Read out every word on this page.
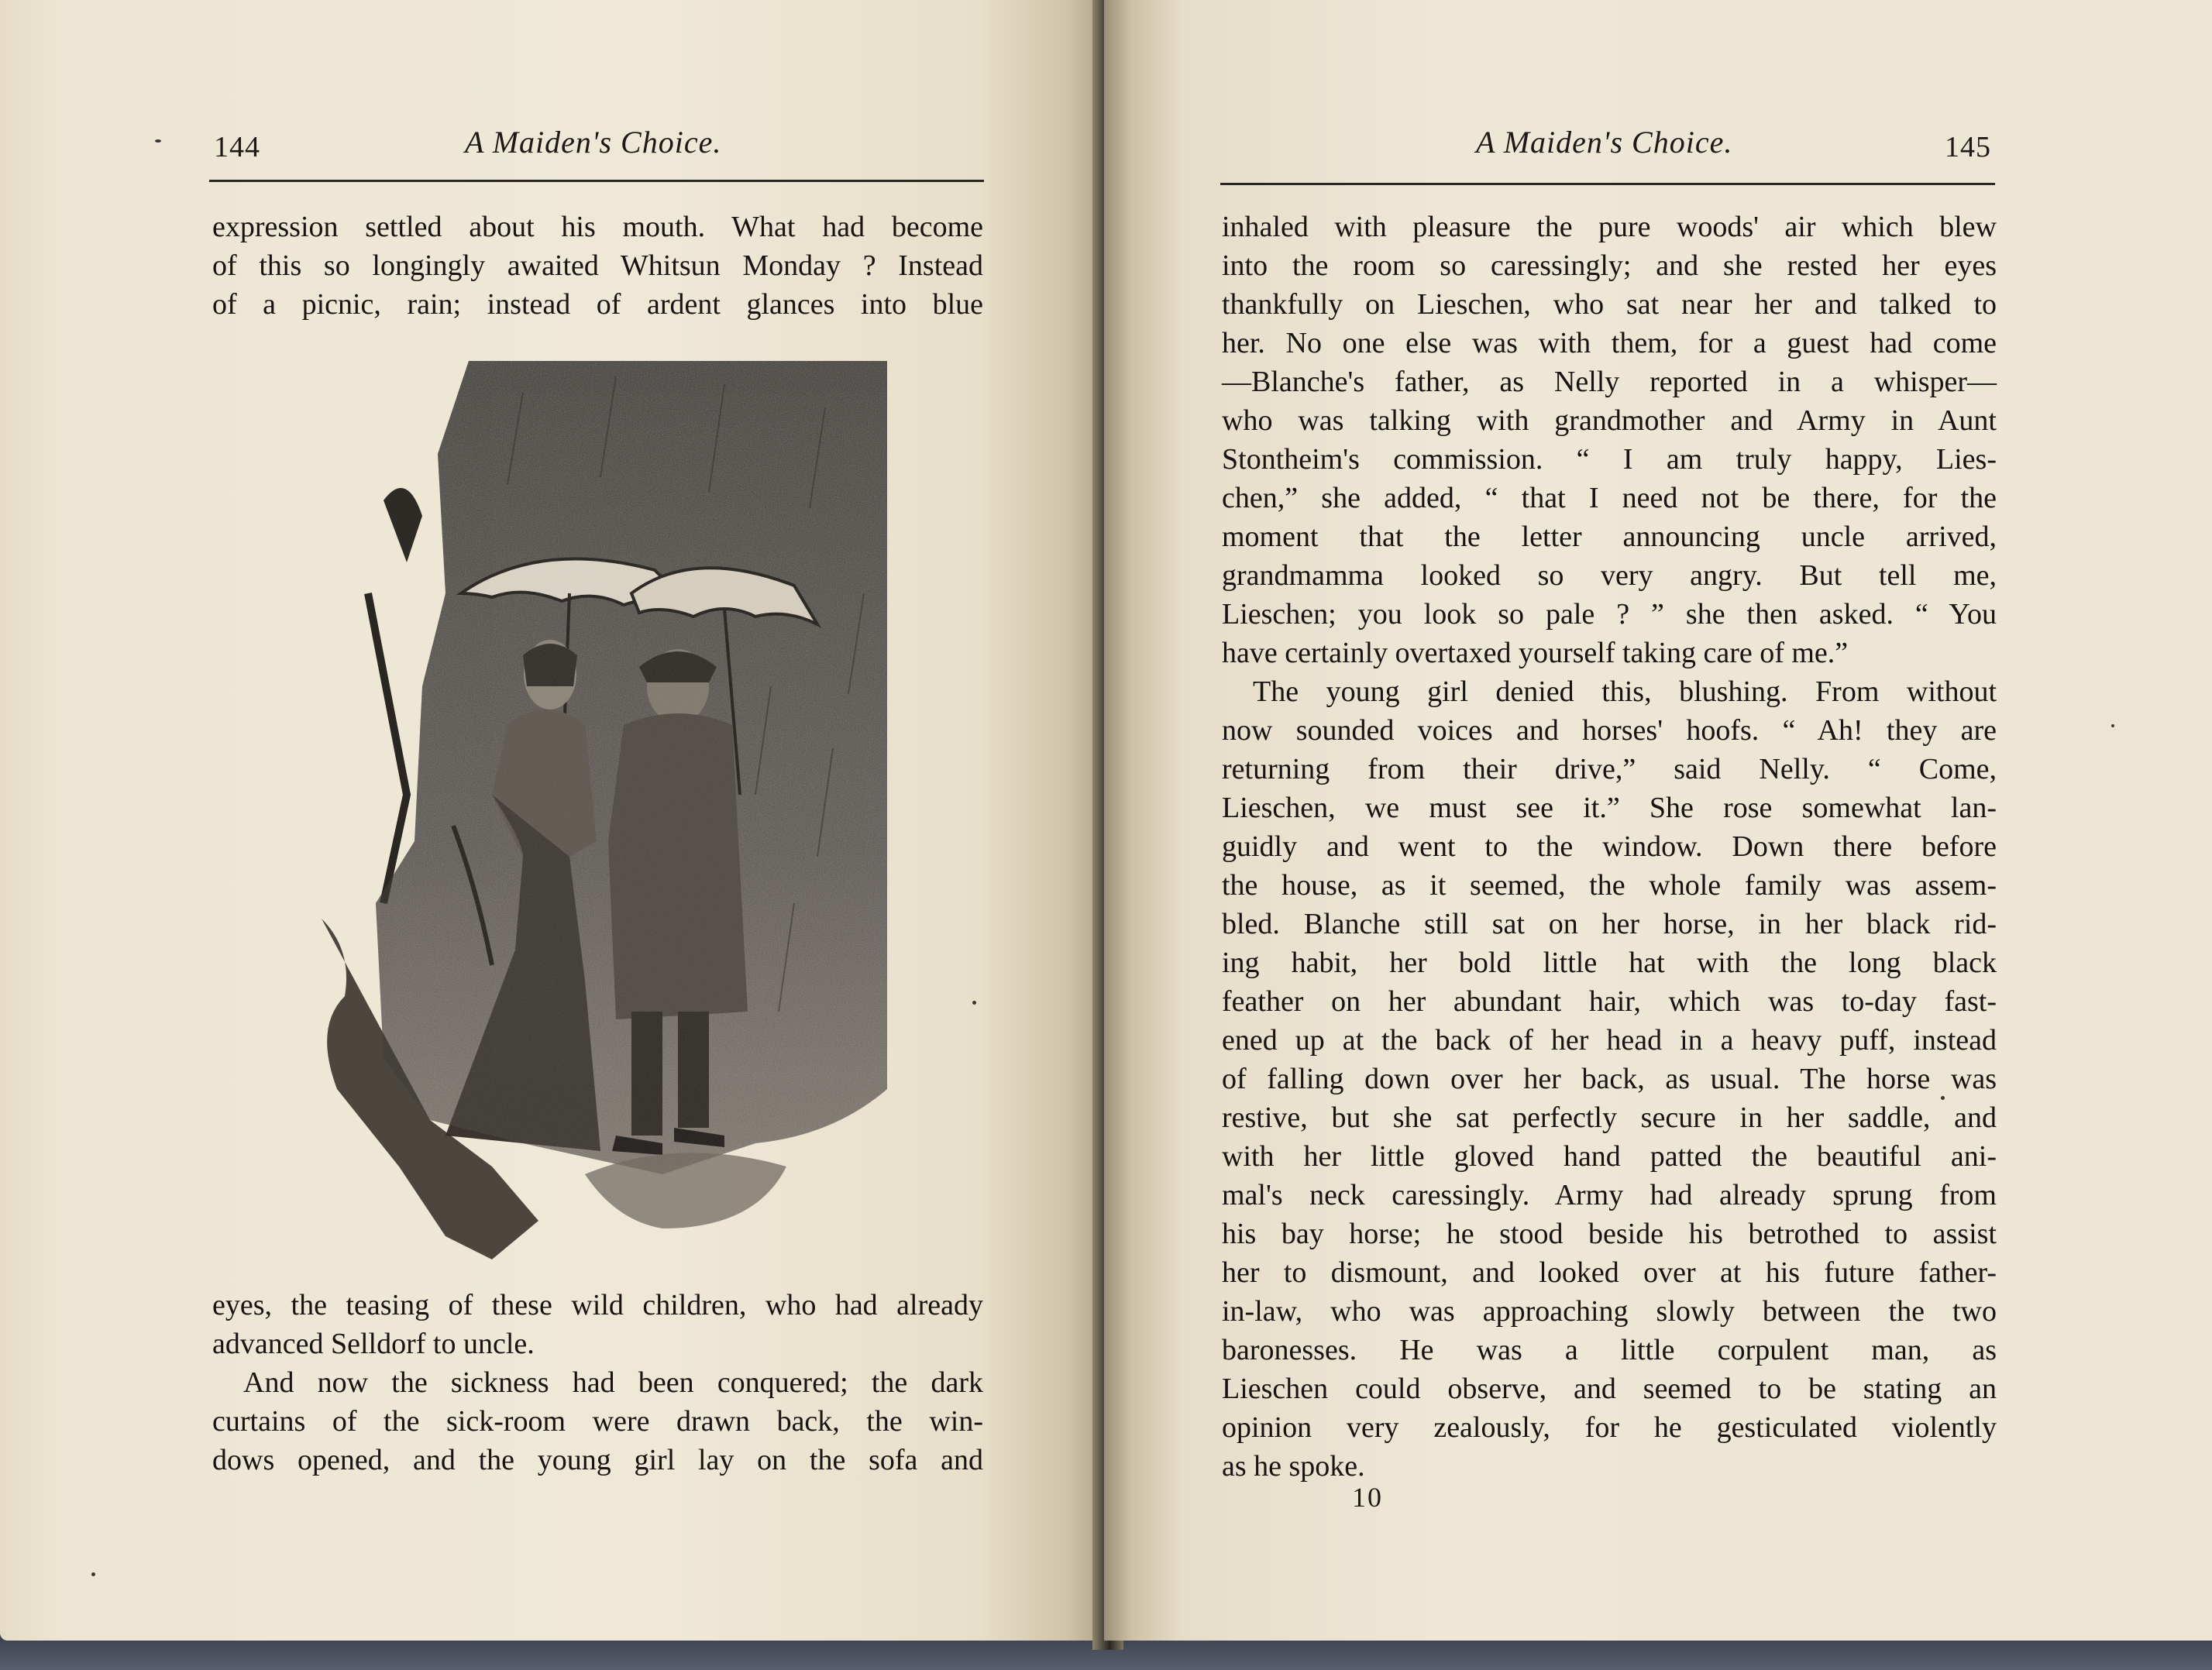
144	A Maiden's Choice.
expression settled about his mouth. What had become
of this so longingly awaited Whitsun Monday ? Instead
of a picnic, rain; instead of ardent glances into blue
eyes, the teasing of these wild children, who had already
advanced Selldorf to uncle.
And now the sickness had been conquered; the dark
curtains of the sick-room were drawn back, the win-
dows opened, and the young girl lay on the sofa and
A Maiden's Choice.	145
inhaled with pleasure the pure woods' air which blew
into the room so caressingly; and she rested her eyes
thankfully on Lieschen, who sat near her and talked to
her. No one else was with them, for a guest had come
—Blanche's father, as Nelly reported in a whisper—
who was talking with grandmother and Army in Aunt
Stontheim's commission. “ I am truly happy, Lies-
chen,” she added, “ that I need not be there, for the
moment that the letter announcing uncle arrived,
grandmamma looked so very angry. But tell me,
Lieschen; you look so pale ? ” she then asked. “ You
have certainly overtaxed yourself taking care of me.”
The young girl denied this, blushing. From without
now sounded voices and horses' hoofs. “ Ah! they are
returning from their drive,” said Nelly. “ Come,
Lieschen, we must see it.” She rose somewhat lan-
guidly and went to the window. Down there before
the house, as it seemed, the whole family was assem-
bled. Blanche still sat on her horse, in her black rid-
ing habit, her bold little hat with the long black
feather on her abundant hair, which was to-day fast-
ened up at the back of her head in a heavy puff, instead
of falling down over her back, as usual. The horse was
restive, but she sat perfectly secure in her saddle, and
with her little gloved hand patted the beautiful ani-
mal's neck caressingly. Army had already sprung from
his bay horse; he stood beside his betrothed to assist
her to dismount, and looked over at his future father-
in-law, who was approaching slowly between the two
baronesses. He was a little corpulent man, as
Lieschen could observe, and seemed to be stating an
opinion very zealously, for he gesticulated violently
as he spoke.
10
